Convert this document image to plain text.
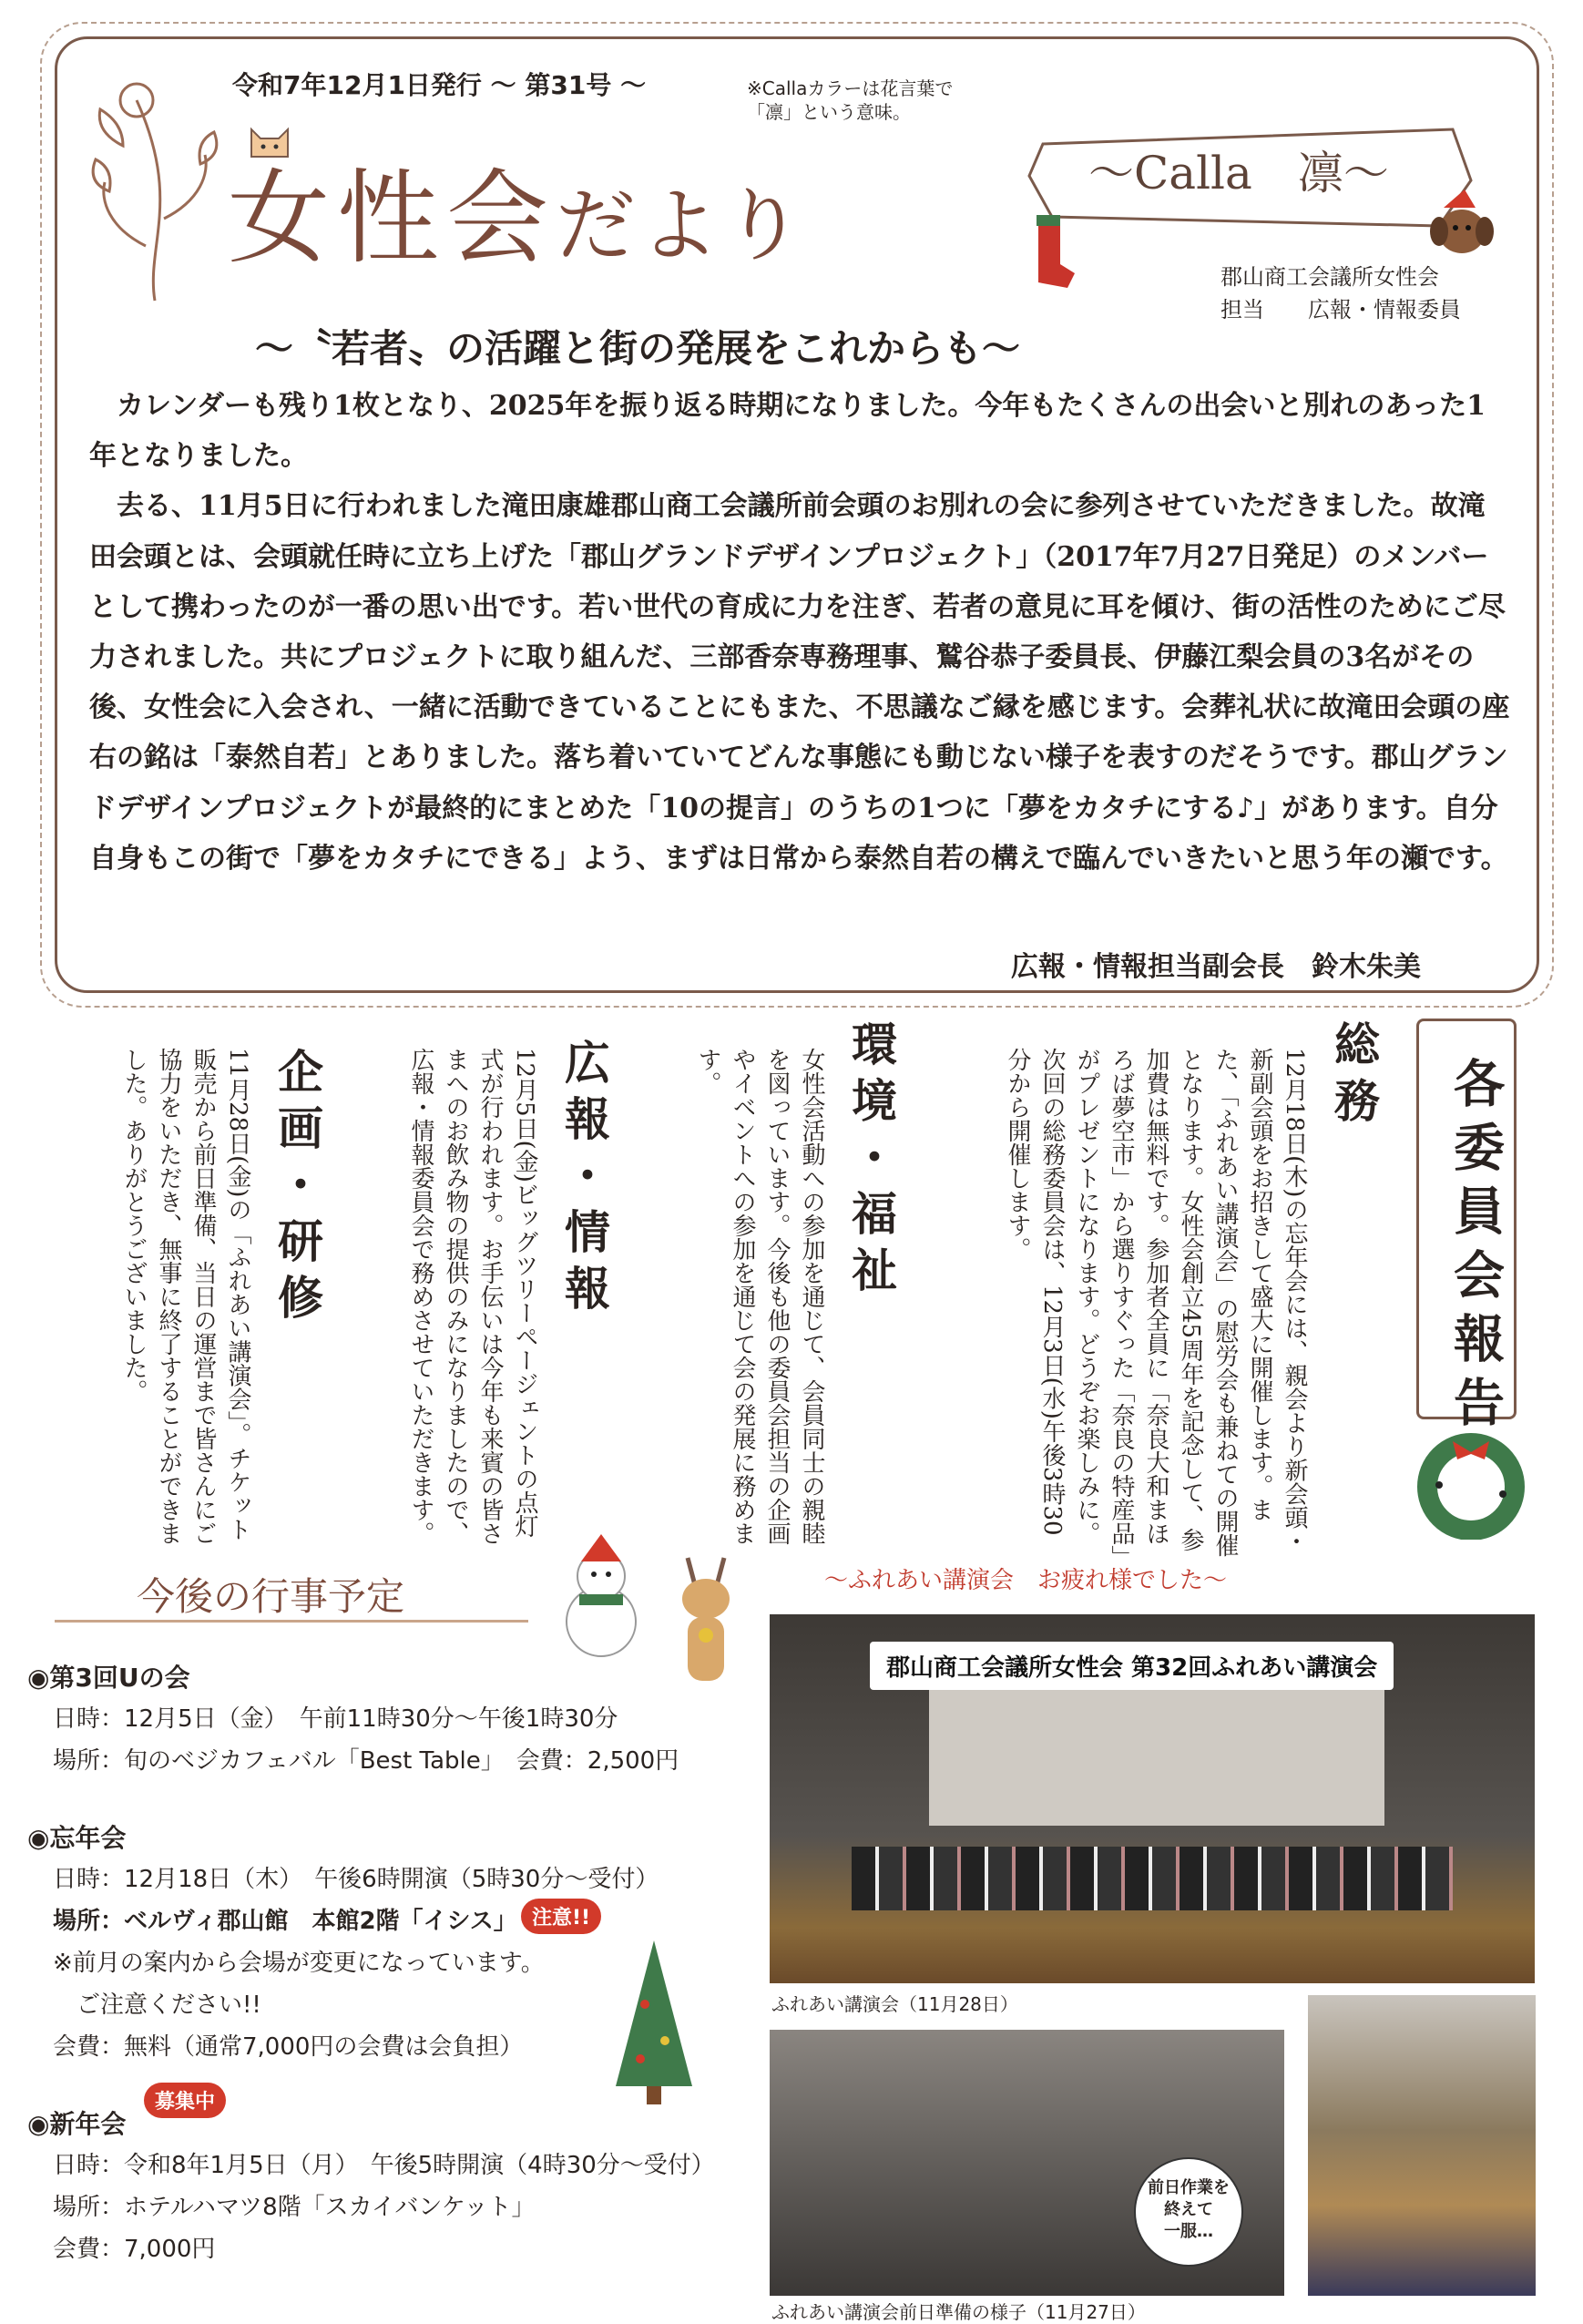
令和7年12月1日発行 〜 第31号 〜	※Callaカラーは花言葉で
「凛」という意味。
女性会だより
〜Calla　凛〜
郡山商工会議所女性会
担当　　広報・情報委員
〜〝若者〟の活躍と街の発展をこれからも〜

カレンダーも残り1枚となり、2025年を振り返る時期になりました。今年もたくさんの出会いと別れのあった1年となりました。

去る、11月5日に行われました滝田康雄郡山商工会議所前会頭のお別れの会に参列させていただきました。故滝田会頭とは、会頭就任時に立ち上げた「郡山グランドデザインプロジェクト」（2017年7月27日発足）のメンバーとして携わったのが一番の思い出です。若い世代の育成に力を注ぎ、若者の意見に耳を傾け、街の活性のためにご尽力されました。共にプロジェクトに取り組んだ、三部香奈専務理事、鷲谷恭子委員長、伊藤江梨会員の3名がその後、女性会に入会され、一緒に活動できていることにもまた、不思議なご縁を感じます。会葬礼状に故滝田会頭の座右の銘は「泰然自若」とありました。落ち着いていてどんな事態にも動じない様子を表すのだそうです。郡山グランドデザインプロジェクトが最終的にまとめた「10の提言」のうちの1つに「夢をカタチにする♪」があります。自分自身もこの街で「夢をカタチにできる」よう、まずは日常から泰然自若の構えで臨んでいきたいと思う年の瀬です。

広報・情報担当副会長　鈴木朱美
総務
12月18日(木)の忘年会には、親会より新会頭・新副会頭をお招きして盛大に開催します。また、「ふれあい講演会」の慰労会も兼ねての開催となります。女性会創立45周年を記念して、参加費は無料です。参加者全員に「奈良大和まほろば夢空市」から選りすぐった「奈良の特産品」がプレゼントになります。どうぞお楽しみに。　次回の総務委員会は、12月3日(水)午後3時30分から開催します。
環境・福祉
女性会活動への参加を通じて、会員同士の親睦を図っています。今後も他の委員会担当の企画やイベントへの参加を通じて会の発展に務めます。
広報・情報
12月5日(金)ビッグツリーページェントの点灯式が行われます。お手伝いは今年も来賓の皆さまへのお飲み物の提供のみになりましたので、広報・情報委員会で務めさせていただきます。
企画・研修
11月28日(金)の「ふれあい講演会」。チケット販売から前日準備、当日の運営まで皆さんにご協力をいただき、無事に終了することができました。ありがとうございました。	各委員会報告
今後の行事予定
◉第3回Uの会
日時：12月5日（金）　午前11時30分〜午後1時30分
場所：旬のベジカフェバル「Best Table」　会費：2,500円
◉忘年会
日時：12月18日（木）　午後6時開演（5時30分〜受付）
場所：ベルヴィ郡山館　本館2階「イシス」 注意!!
※前月の案内から会場が変更になっています。
ご注意ください!!
会費：無料（通常7,000円の会費は会負担）
◉新年会
募集中
日時：令和8年1月5日（月）　午後5時開演（4時30分〜受付）
場所：ホテルハマツ8階「スカイバンケット」
会費：7,000円
〜ふれあい講演会　お疲れ様でした〜
郡山商工会議所女性会 第32回ふれあい講演会
ふれあい講演会（11月28日）
前日作業を
終えて
一服…
ふれあい講演会前日準備の様子（11月27日）
